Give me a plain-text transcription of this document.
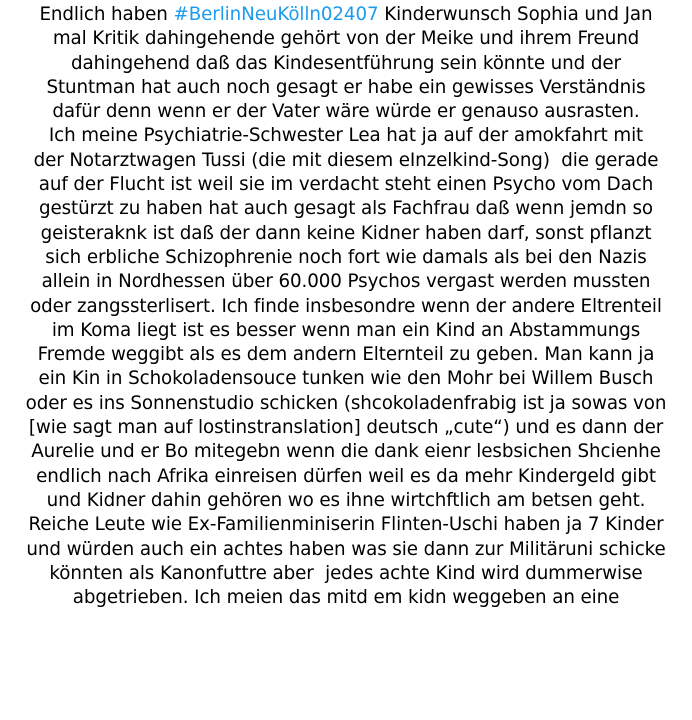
Endlich haben #BerlinNeuKölln02407 Kinderwunsch Sophia und Jan
mal Kritik dahingehende gehört von der Meike und ihrem Freund
dahingehend daß das Kindesentführung sein könnte und der
Stuntman hat auch noch gesagt er habe ein gewisses Verständnis
dafür denn wenn er der Vater wäre würde er genauso ausrasten.
Ich meine Psychiatrie-Schwester Lea hat ja auf der amokfahrt mit
der Notarztwagen Tussi (die mit diesem eInzelkind-Song)  die gerade
auf der Flucht ist weil sie im verdacht steht einen Psycho vom Dach
gestürzt zu haben hat auch gesagt als Fachfrau daß wenn jemdn so
geisteraknk ist daß der dann keine Kidner haben darf, sonst pflanzt
sich erbliche Schizophrenie noch fort wie damals als bei den Nazis
allein in Nordhessen über 60.000 Psychos vergast werden mussten
oder zangssterlisert. Ich finde insbesondre wenn der andere Eltrenteil
im Koma liegt ist es besser wenn man ein Kind an Abstammungs
Fremde weggibt als es dem andern Elternteil zu geben. Man kann ja
ein Kin in Schokoladensouce tunken wie den Mohr bei Willem Busch
oder es ins Sonnenstudio schicken (shcokoladenfrabig ist ja sowas von
[wie sagt man auf lostinstranslation] deutsch „cute“) und es dann der
Aurelie und er Bo mitegebn wenn die dank eienr lesbsichen Shcienhe
endlich nach Afrika einreisen dürfen weil es da mehr Kindergeld gibt
und Kidner dahin gehören wo es ihne wirtchftlich am betsen geht.
Reiche Leute wie Ex-Familienminiserin Flinten-Uschi haben ja 7 Kinder
und würden auch ein achtes haben was sie dann zur Militäruni schicke
könnten als Kanonfuttre aber  jedes achte Kind wird dummerwise
abgetrieben. Ich meien das mitd em kidn weggeben an eine
